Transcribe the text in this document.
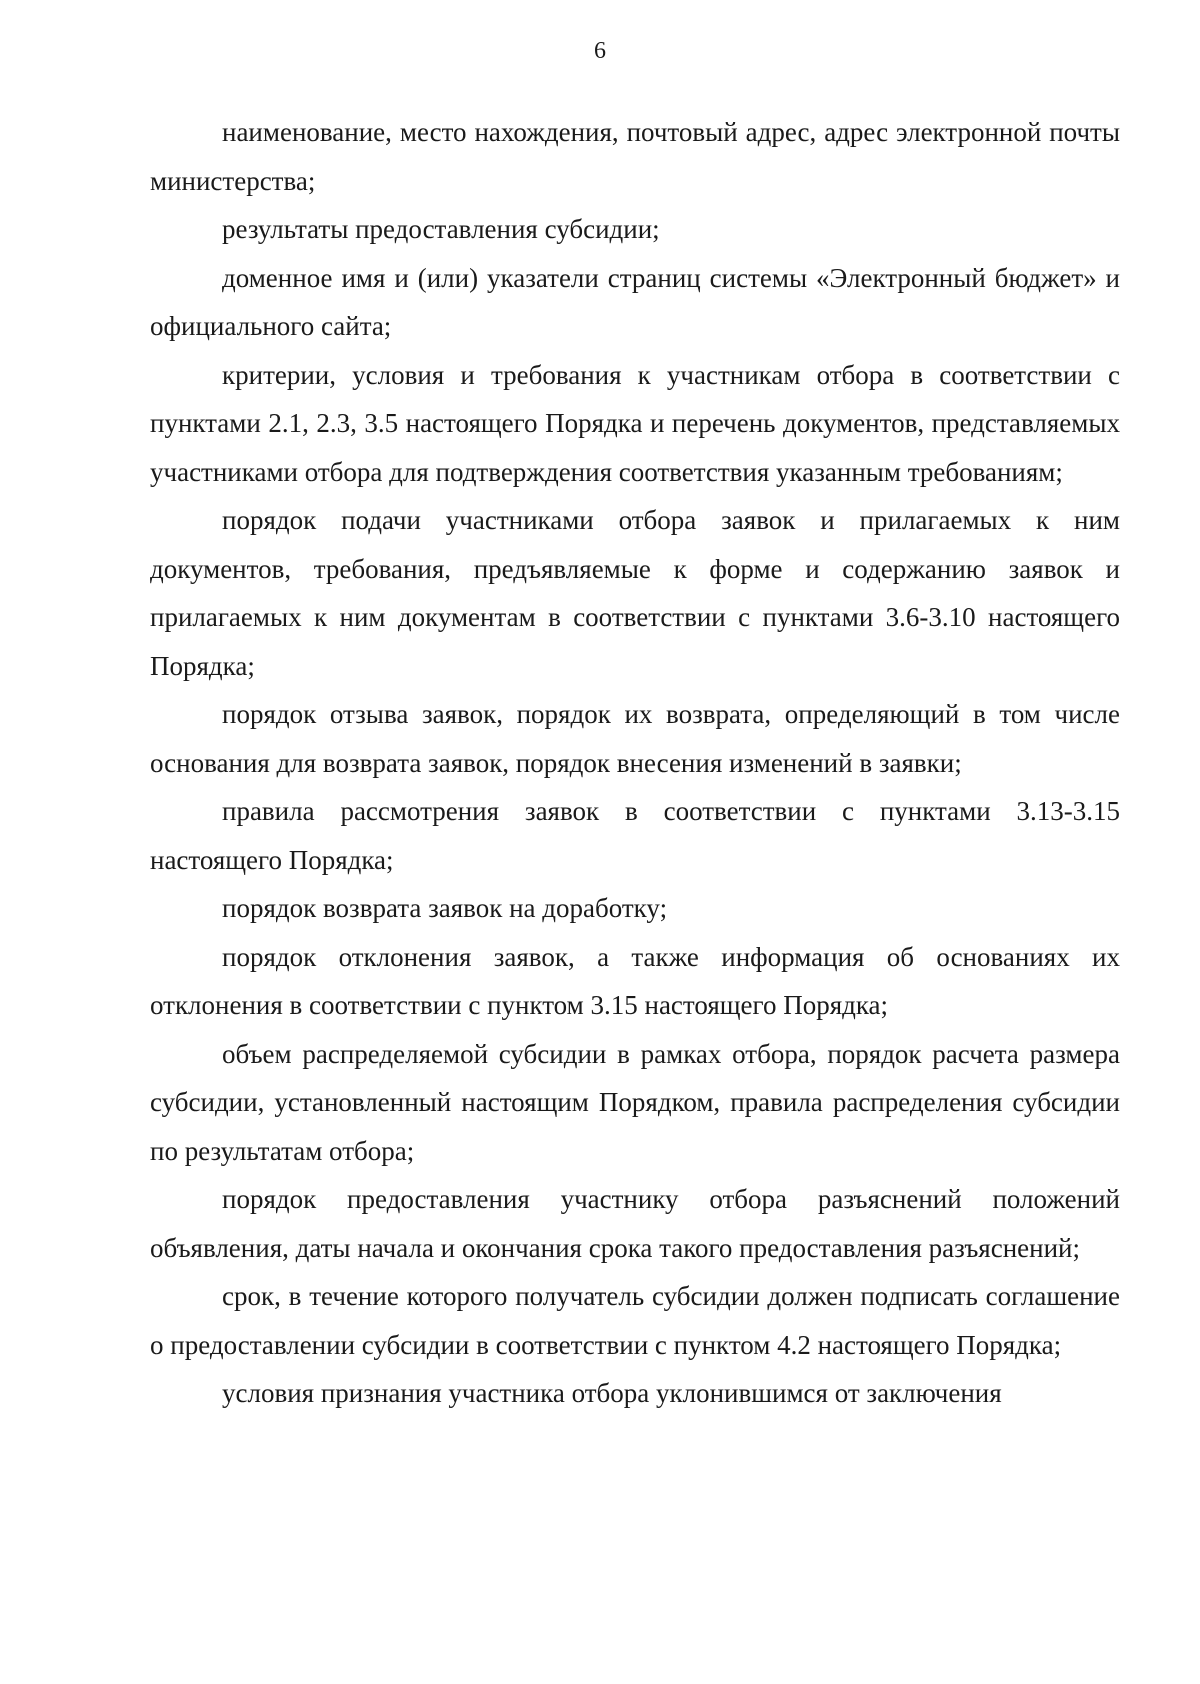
6

наименование, место нахождения, почтовый адрес, адрес электронной почты министерства;

результаты предоставления субсидии;

доменное имя и (или) указатели страниц системы «Электронный бюджет» и официального сайта;

критерии, условия и требования к участникам отбора в соответствии с пунктами 2.1, 2.3, 3.5 настоящего Порядка и перечень документов, представляемых участниками отбора для подтверждения соответствия указанным требованиям;

порядок подачи участниками отбора заявок и прилагаемых к ним документов, требования, предъявляемые к форме и содержанию заявок и прилагаемых к ним документам в соответствии с пунктами 3.6-3.10 настоящего Порядка;

порядок отзыва заявок, порядок их возврата, определяющий в том числе основания для возврата заявок, порядок внесения изменений в заявки;

правила рассмотрения заявок в соответствии с пунктами 3.13-3.15 настоящего Порядка;

порядок возврата заявок на доработку;

порядок отклонения заявок, а также информация об основаниях их отклонения в соответствии с пунктом 3.15 настоящего Порядка;

объем распределяемой субсидии в рамках отбора, порядок расчета размера субсидии, установленный настоящим Порядком, правила распределения субсидии по результатам отбора;

порядок предоставления участнику отбора разъяснений положений объявления, даты начала и окончания срока такого предоставления разъяснений;

срок, в течение которого получатель субсидии должен подписать соглашение о предоставлении субсидии в соответствии с пунктом 4.2 настоящего Порядка;

условия признания участника отбора уклонившимся от заключения
